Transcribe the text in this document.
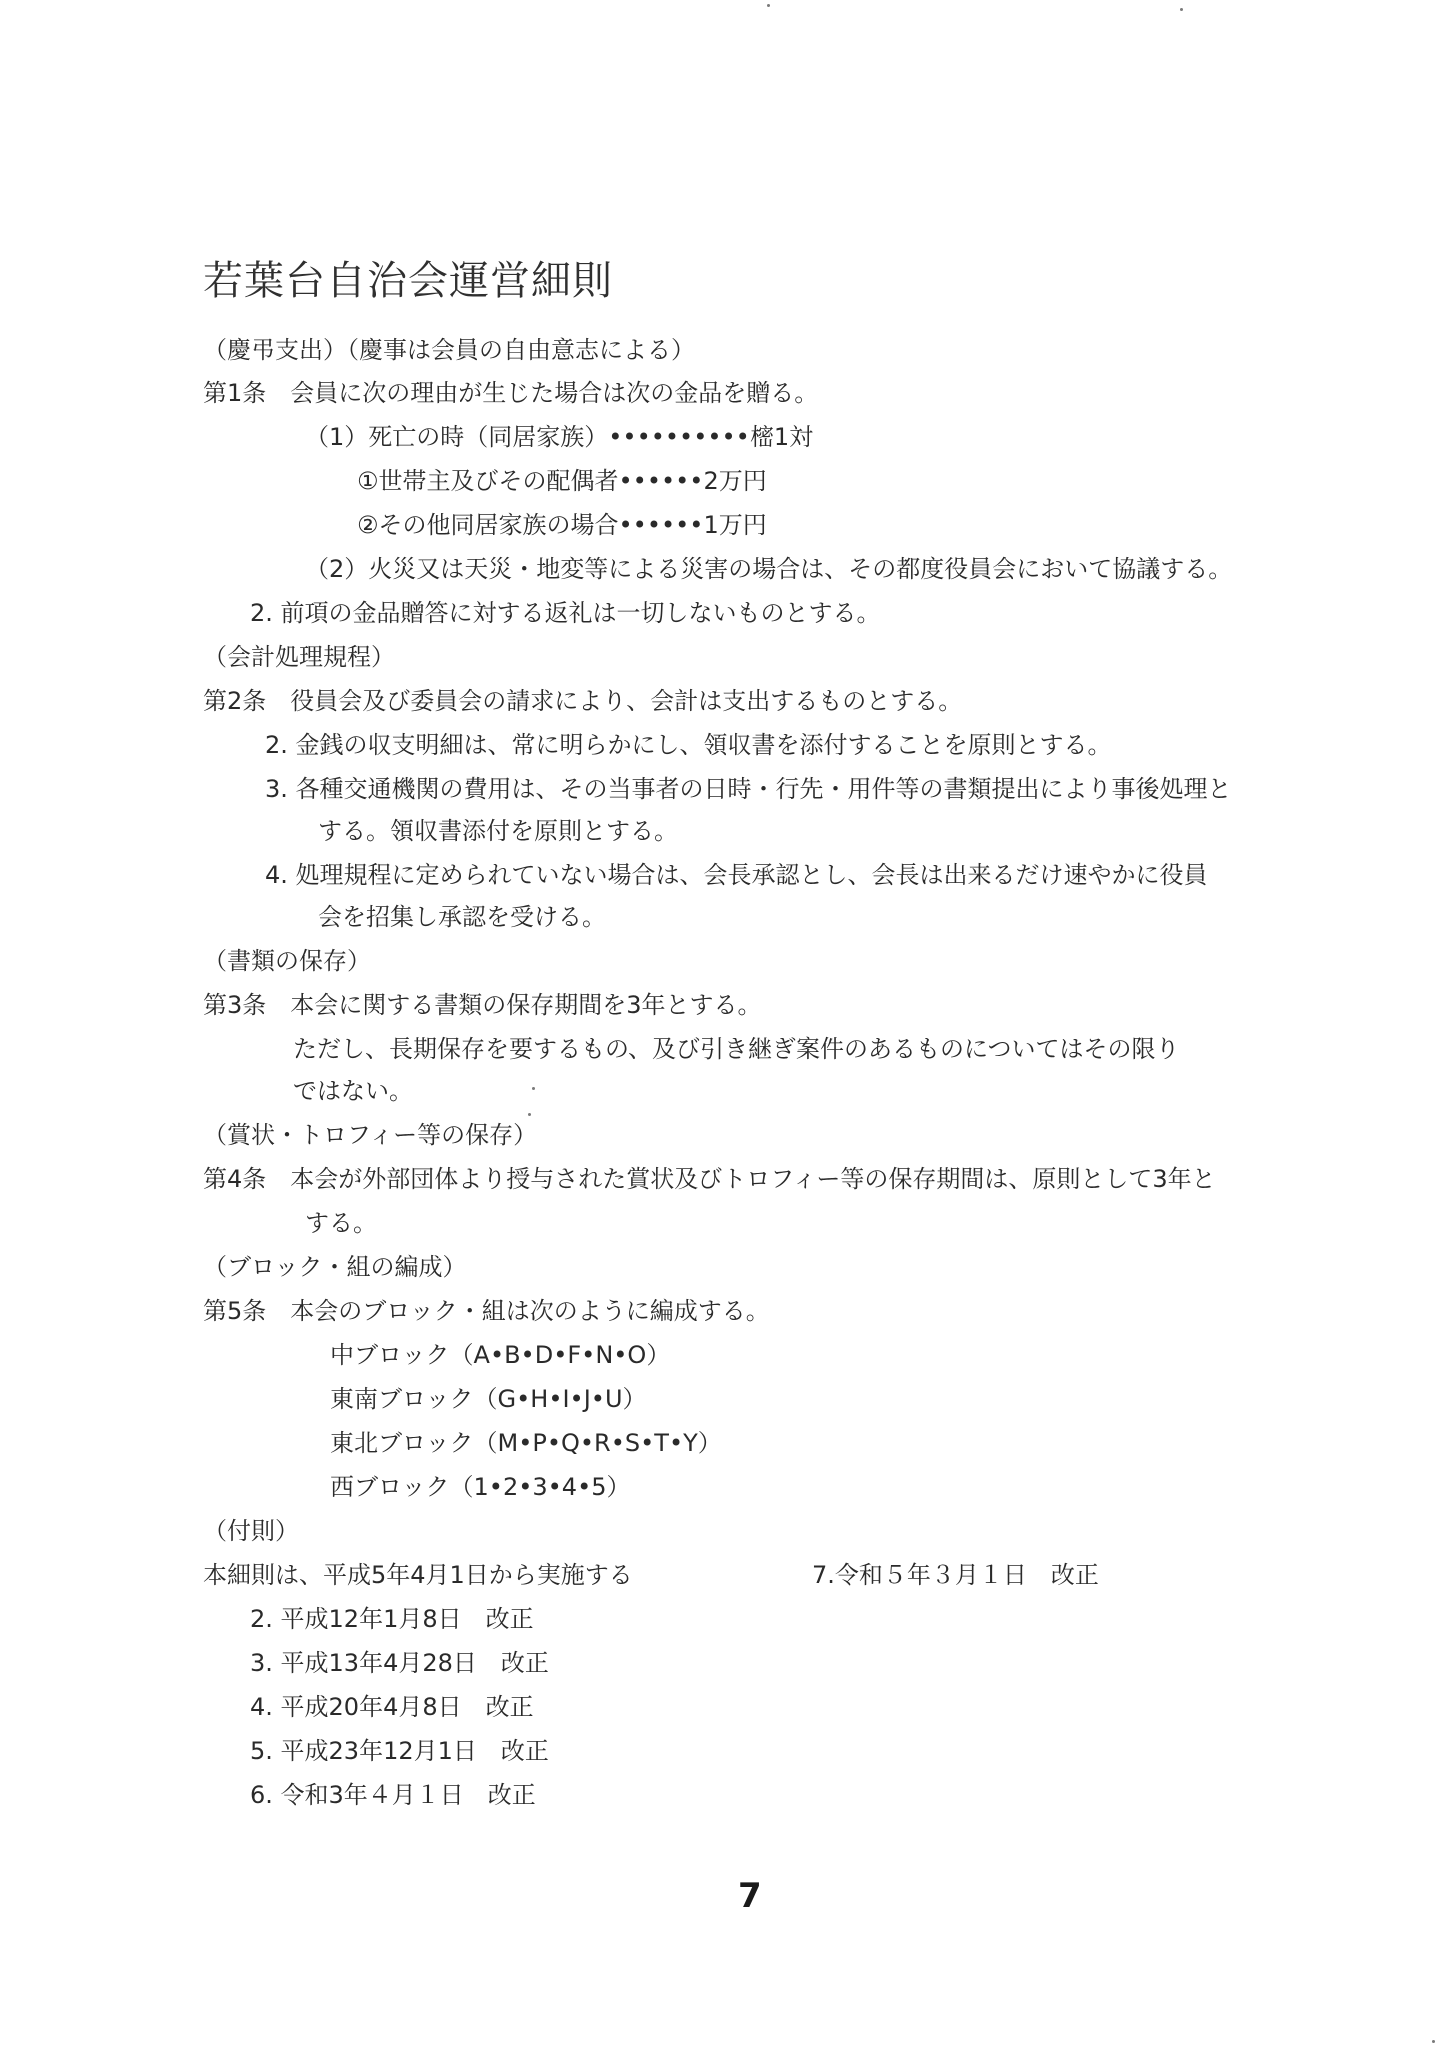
若葉台自治会運営細則
（慶弔支出）（慶事は会員の自由意志による）
第1条　会員に次の理由が生じた場合は次の金品を贈る。
（1）死亡の時（同居家族）••••••••••樒1対
①世帯主及びその配偶者••••••2万円
②その他同居家族の場合••••••1万円
（2）火災又は天災・地変等による災害の場合は、その都度役員会において協議する。
2. 前項の金品贈答に対する返礼は一切しないものとする。
（会計処理規程）
第2条　役員会及び委員会の請求により、会計は支出するものとする。
2. 金銭の収支明細は、常に明らかにし、領収書を添付することを原則とする。
3. 各種交通機関の費用は、その当事者の日時・行先・用件等の書類提出により事後処理と
する。領収書添付を原則とする。
4. 処理規程に定められていない場合は、会長承認とし、会長は出来るだけ速やかに役員
会を招集し承認を受ける。
（書類の保存）
第3条　本会に関する書類の保存期間を3年とする。
ただし、長期保存を要するもの、及び引き継ぎ案件のあるものについてはその限り
ではない。
（賞状・トロフィー等の保存）
第4条　本会が外部団体より授与された賞状及びトロフィー等の保存期間は、原則として3年と
する。
（ブロック・組の編成）
第5条　本会のブロック・組は次のように編成する。
中ブロック（A•B•D•F•N•O）
東南ブロック（G•H•I•J•U）
東北ブロック（M•P•Q•R•S•T•Y）
西ブロック（1•2•3•4•5）
（付則）
本細則は、平成5年4月1日から実施する	7.令和５年３月１日　改正
2. 平成12年1月8日　改正
3. 平成13年4月28日　改正
4. 平成20年4月8日　改正
5. 平成23年12月1日　改正
6. 令和3年４月１日　改正
7
